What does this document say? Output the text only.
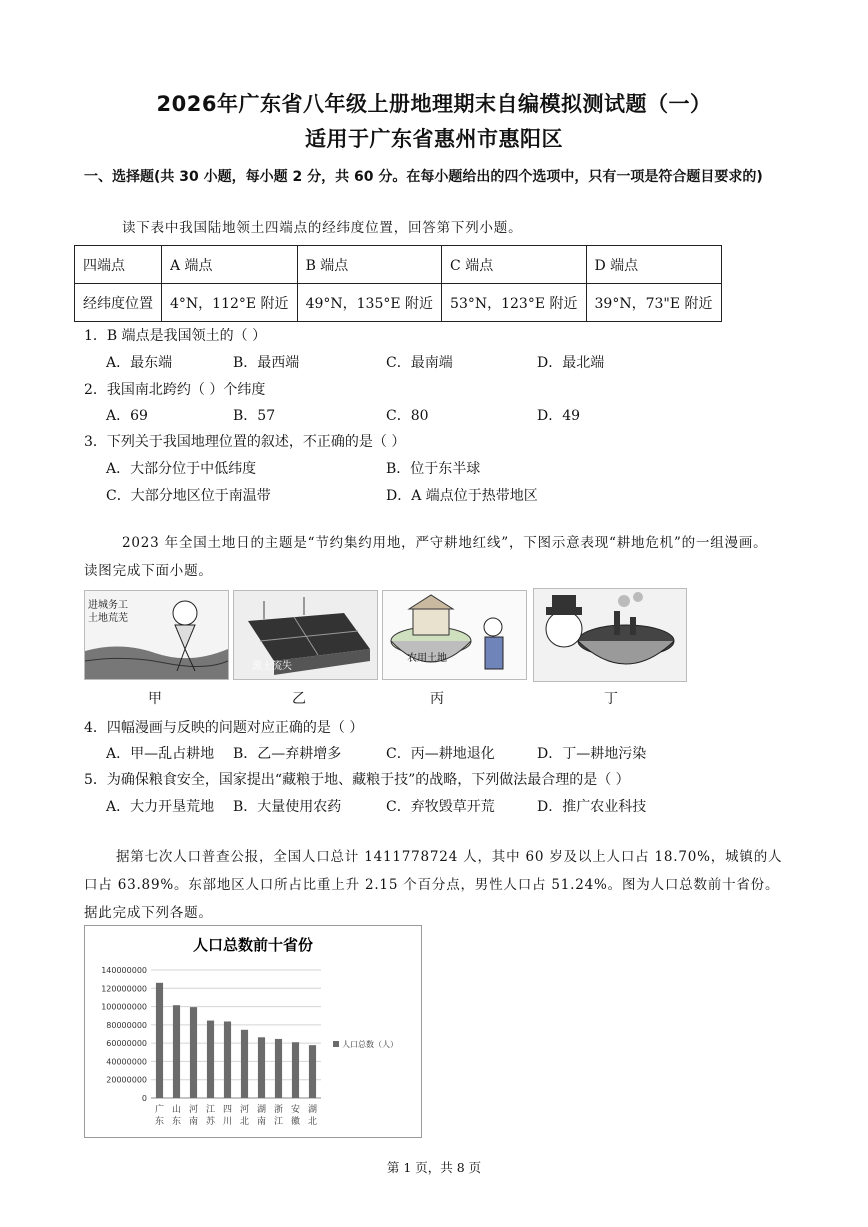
2026年广东省八年级上册地理期末自编模拟测试题（一）
适用于广东省惠州市惠阳区
一、选择题(共 30 小题，每小题 2 分，共 60 分。在每小题给出的四个选项中，只有一项是符合题目要求的)
读下表中我国陆地领土四端点的经纬度位置，回答第下列小题。
四端点	A 端点	B 端点	C 端点	D 端点
经纬度位置	4°N，112°E 附近	49°N，135°E 附近	53°N，123°E 附近	39°N，73"E 附近
1．B 端点是我国领土的（ ）
A．最东端	B．最西端	C．最南端	D．最北端
2．我国南北跨约（ ）个纬度
A．69	B．57	C．80	D．49
3．下列关于我国地理位置的叙述，不正确的是（ ）
A．大部分位于中低纬度	B．位于东半球
C．大部分地区位于南温带	D．A 端点位于热带地区
2023 年全国土地日的主题是“节约集约用地，严守耕地红线”，下图示意表现“耕地危机”的一组漫画。
读图完成下面小题。
进城务工
土地荒芜
黑土流失
农用土地
甲	乙	丙	丁
4．四幅漫画与反映的问题对应正确的是（ ）
A．甲—乱占耕地 B．乙—弃耕增多	C．丙—耕地退化	D．丁—耕地污染
5．为确保粮食安全，国家提出“藏粮于地、藏粮于技”的战略，下列做法最合理的是（ ）
A．大力开垦荒地 B．大量使用农药	C．弃牧毁草开荒	D．推广农业科技
据第七次人口普查公报，全国人口总计 1411778724 人，其中 60 岁及以上人口占 18.70%，城镇的人
口占 63.89%。东部地区人口所占比重上升 2.15 个百分点，男性人口占 51.24%。图为人口总数前十省份。
据此完成下列各题。
人口总数前十省份
0
20000000
40000000
60000000
80000000
100000000
120000000
140000000
广
东
山
东
河
南
江
苏
四
川
河
北
湖
南
浙
江
安
徽
湖
北
人口总数（人）
第 1 页，共 8 页
